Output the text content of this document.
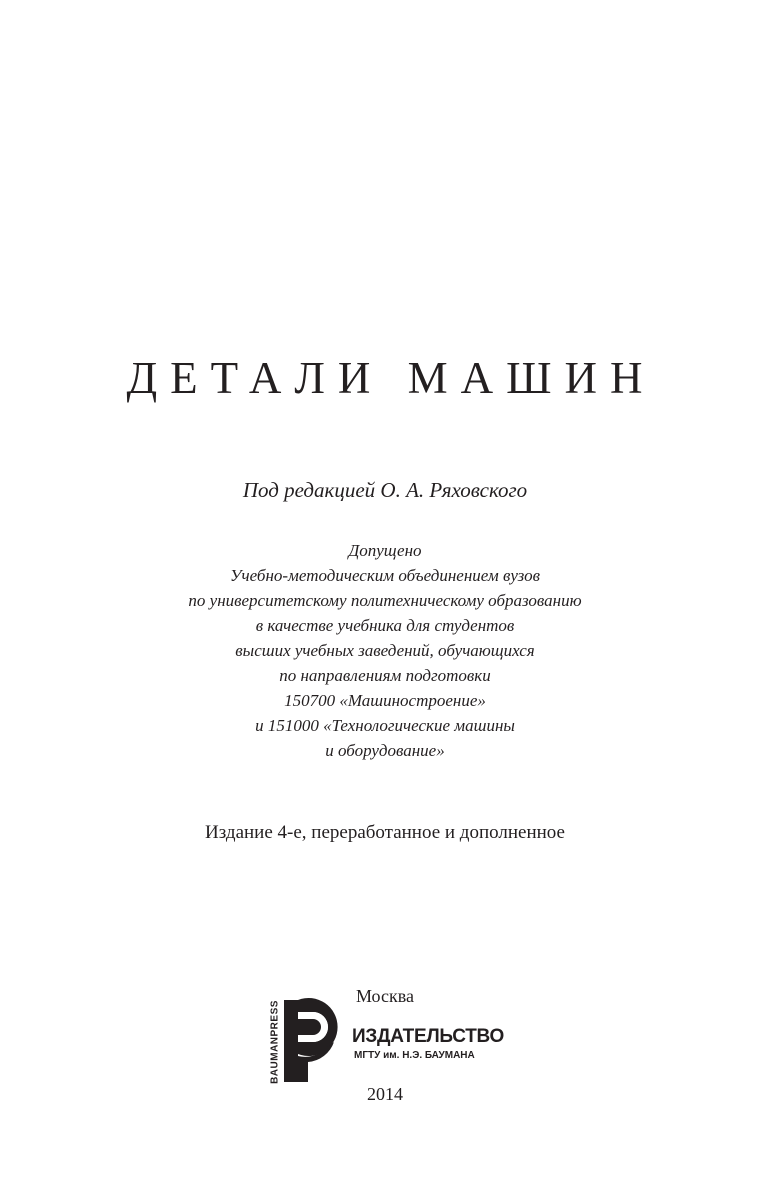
ДЕТАЛИ МАШИН
Под редакцией О. А. Ряховского
Допущено
Учебно-методическим объединением вузов
по университетскому политехническому образованию
в качестве учебника для студентов
высших учебных заведений, обучающихся
по направлениям подготовки
150700 «Машиностроение»
и 151000 «Технологические машины
и оборудование»
Издание 4-е, переработанное и дополненное
Москва
BAUMANPRESS	ИЗДАТЕЛЬСТВО
МГТУ им. Н.Э. БАУМАНА
2014
